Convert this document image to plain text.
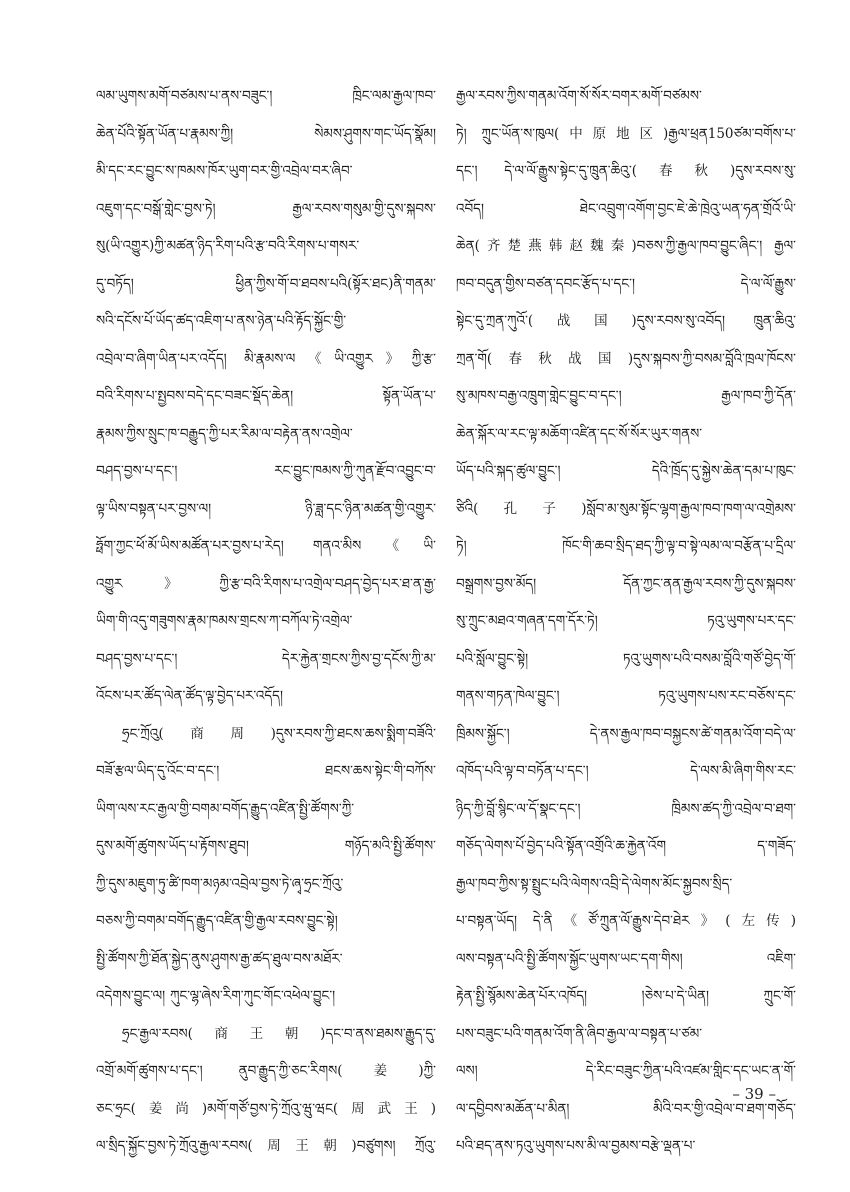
ལམ་ཡུགས་མགོ་བཙམས་པ་ནས་བཟུང་། ཁྲིང་ལམ་རྒྱལ་ཁབ་
ཆེན་པོའི་སྟོན་ཡོན་པ་རྣམས་ཀྱི། སེམས་ཤུགས་གང་ཡོད་སྣོམ།
མི་དང་རང་བྱུང་ས་ཁམས་ཁོར་ཡུག་བར་གྱི་འབྲེལ་བར་ཞིབ་
འཇུག་དང་བསྒོ་གླེང་བྱས་ཏེ། རྒྱལ་རབས་གསུམ་གྱི་དུས་སྐབས་
སུ(ཡི་འགྱུར)ཀྱི་མཚན་ཉིད་རིག་པའི་རྩ་བའི་རིགས་པ་གསར་
དུ་བཏོད། ཕྱིན་ཀྱིས་གོ་བ་ཐབས་པའི(སྟོར་ཐང)ནི་གནམ་
སའི་དངོས་པོ་ཡོད་ཚད་འཇིག་པ་ནས་ཉེན་པའི་རྟོད་སྐྱོང་གྱི་
འབྲེལ་བ་ཞིག་ཡིན་པར་འདོད། མི་རྣམས་ལ《ཡི་འགྱུར》ཀྱི་རྩ་
བའི་རིགས་པ་སྤྱབས་བདེ་དང་བཟང་སྡོད་ཆེན། སྟོན་ཡོན་པ་
རྣམས་ཀྱིས་སྲུང་ཁ་བརྒྱུད་ཀྱི་པར་རིམ་ལ་བརྟེན་ནས་འགྲེལ་
བཤད་བྱས་པ་དང་། རང་བྱུང་ཁམས་ཀྱི་ཀུན་རྫོབ་འབྱུང་བ་
ལྟ་ཡིས་བསྟན་པར་བྱས་ལ། ཉི་ཟླ་དང་ཉིན་མཚན་གྱི་འགྱུར་
ཧྥོག་ཀྱང་ཕོ་མོ་ཡིས་མཚོན་པར་བྱས་པ་རེད། གནའ་མིས《ཡི་
འགྱུར》ཀྱི་རྩ་བའི་རིགས་པ་འགྲེལ་བཤད་བྱེད་པར་ཐ་ན་རྒྱ་
ཡིག་གི་འདུ་གཟུགས་རྣམ་ཁམས་གྲངས་ཀ་བཀོལ་ཏེ་འགྲེལ་
བཤད་བྱས་པ་དང་། དེར་རྐྱེན་གྲངས་ཀྱིས་བྱ་དངོས་ཀྱི་མ་
འོངས་པར་ཚོད་ལེན་ཚོད་ལྟ་བྱེད་པར་འདོད།
ཧྲང་ཀྲོའུ(商周)དུས་རབས་ཀྱི་ཐངས་ཆས་སྨིག་བཟོའི་
བཟོ་རྩལ་ཡིད་དུ་འོང་བ་དང་། ཐངས་ཆས་སྟེང་གི་བཀོས་
ཡིག་ལས་རང་རྒྱལ་གྱི་བགམ་བགོད་རྒྱུད་འཛིན་སྤྱི་ཚོགས་ཀྱི་
དུས་མགོ་ཚུགས་ཡོད་པ་རྟོགས་ཐུབ། གཉོད་མའི་སྤྱི་ཚོགས་
ཀྱི་དུས་མཇུག་ཏུ་ཚི་ཁག་མཉམ་འབྲེལ་བྱས་ཏེ་ཞྭ་ཧྲང་ཀྲོའུ་
བཅས་ཀྱི་བགམ་བགོད་རྒྱུད་འཛིན་གྱི་རྒྱལ་རབས་བྱུང་སྟེ།
སྤྱི་ཚོགས་ཀྱི་ཐོན་སྐྱེད་ནུས་ཤུགས་རྒྱ་ཚད་ཐུལ་བས་མཐོར་
འདེགས་བྱུང་ལ། ཀུང་ལྷ་ཞེས་རིག་ཀུང་གོང་འཕེལ་བྱུང་།
ཧྲང་རྒྱལ་རབས(商王朝)དང་བ་ནས་ཐམས་རྒྱུད་དུ་
འགྲོ་མགོ་ཚུགས་པ་དང་། ནུབ་རྒྱུད་ཀྱི་ཅང་རིགས(姜)ཀྱི་
ཅང་ཧྲང(姜尚)མགོ་གཙོ་བྱས་ཏེ་ཀྲོའུ་ཝུ་ཝང(周武王)
ལ་སྲིད་སྐྱོང་བྱས་ཏེ་ཀྲོའུ་རྒྱལ་རབས(周王朝)བཙུགས། ཀྲོའུ་
རྒྱལ་རབས་ཀྱིས་གནམ་འོག་སོ་སོར་བགར་མགོ་བཙམས་
ཏེ། ཀྲུང་ཡོན་ས་ཁུལ(中原地区)རྒྱལ་ཕྲན150ཙམ་བགོས་པ་
དང་། དེ་ལ་ལོ་རྒྱུས་སྟེང་དུ་ཁྲུན་ཆིའུ་(春秋)དུས་རབས་སུ་
འབོད། ཐེང་འབྲུག་འགོག་བྱང་ཇེ་ཆེ་ཁྲེའུ་ཡན་ཧན་གྲོའོ་ཡི་
ཆེན(齐楚燕韩赵魏秦)བཅས་ཀྱི་རྒྱལ་ཁབ་བྱུང་ཞིང་། རྒྱལ་
ཁབ་བདུན་གྱིས་བཙན་དབང་རྩོད་པ་དང་། དེ་ལ་ལོ་རྒྱུས་
སྟེང་དུ་ཀྲན་ཀུའོ་(战国)དུས་རབས་སུ་འབོད། ཁྲུན་ཆིའུ་
ཀྲན་གོ(春秋战国)དུས་སྐབས་ཀྱི་བསམ་བློའི་ཁྲལ་ཁོངས་
སུ་མཁས་བརྒྱ་འཁྲུག་གླེང་བྱུང་བ་དང་། རྒྱལ་ཁབ་ཀྱི་དོན་
ཆེན་སྐོར་ལ་རང་ལྟ་མཆོག་འཛིན་དང་སོ་སོར་ཡུར་གནས་
ཡོད་པའི་སྐད་ཚུལ་བྱུང་། དེའི་ཁྲོད་དུ་སྐྱེས་ཆེན་དམ་པ་ཁུང་
ཙིའི(孔子)སློབ་མ་སུམ་སྟོང་ལྷག་རྒྱལ་ཁབ་ཁག་ལ་འགྲེམས་
ཏེ། ཁོང་གི་ཆབ་སྲིད་ཐད་ཀྱི་ལྟ་བ་སྟེ་ལམ་ལ་བརྩོན་པ་དྲིལ་
བསྒྲགས་བྱས་མོད། དོན་ཀྱང་ནན་རྒྱལ་རབས་ཀྱི་དུས་སྐབས་
སུ་ཀྲུང་མཐའ་གཞན་དག་དོར་ཏེ། ཏའུ་ཡུགས་པར་དང་
པའི་སློལ་བྱུང་སྟེ། ཏའུ་ཡུགས་པའི་བསམ་བློའི་གཙོ་བྱེད་གོ་
གནས་གཏན་ཁེལ་བྱུང་། ཏའུ་ཡུགས་པས་རང་བཅོས་དང་
ཁྲིམས་སྐྱོང་། དེ་ནས་རྒྱལ་ཁབ་བསྐྱངས་ཚེ་གནམ་འོག་བདེ་ལ་
འཁོད་པའི་ལྟ་བ་བཏོན་པ་དང་། དེ་ལས་མི་ཞིག་གིས་རང་
ཉིད་ཀྱི་བློ་སྙིང་ལ་དོ་སྣང་དང་། ཁྲིམས་ཚད་ཀྱི་འབྲེལ་བ་ཐག་
གཅོད་ལེགས་པོ་བྱེད་པའི་སྟོན་འགྲོའི་ཆ་རྐྱེན་འོག ད་གཟོད་
རྒྱལ་ཁབ་ཀྱིས་སྟ་སྤྲུང་པའི་ལེགས་འབྲི་དེ་ལེགས་མོང་སྐྱབས་སྲིད་
པ་བསྟན་ཡོད། དེ་ནི《ཙོ་ཀྲུན་ལོ་རྒྱུས་དེབ་ཐེར》(左传)
ལས་བསྟན་པའི་སྤྱི་ཚོགས་སྐྱོང་ཡུགས་ཡང་དག་གིས། འཇིག་
རྟེན་སྤྱི་སྙོམས་ཆེན་པོར་འཁོད། །ཅེས་པ་དེ་ཡིན། ཀྲུང་གོ་
པས་བཟུང་པའི་གནམ་འོག་ནི་ཞིབ་རྒྱལ་ལ་བསྟན་པ་ཙམ་
ལས། དེ་རིང་བཟུང་ཀྱིན་པའི་འཛམ་གླིང་དང་ཡང་ན་གོ་
ལ་དབྱིབས་མཆོན་པ་མིན། མིའི་བར་གྱི་འབྲེལ་བ་ཐག་གཅོད་
པའི་ཐད་ནས་ཏའུ་ཡུགས་པས་མི་ལ་བྱམས་བརྩེ་ལྡན་པ་
– 39 –
